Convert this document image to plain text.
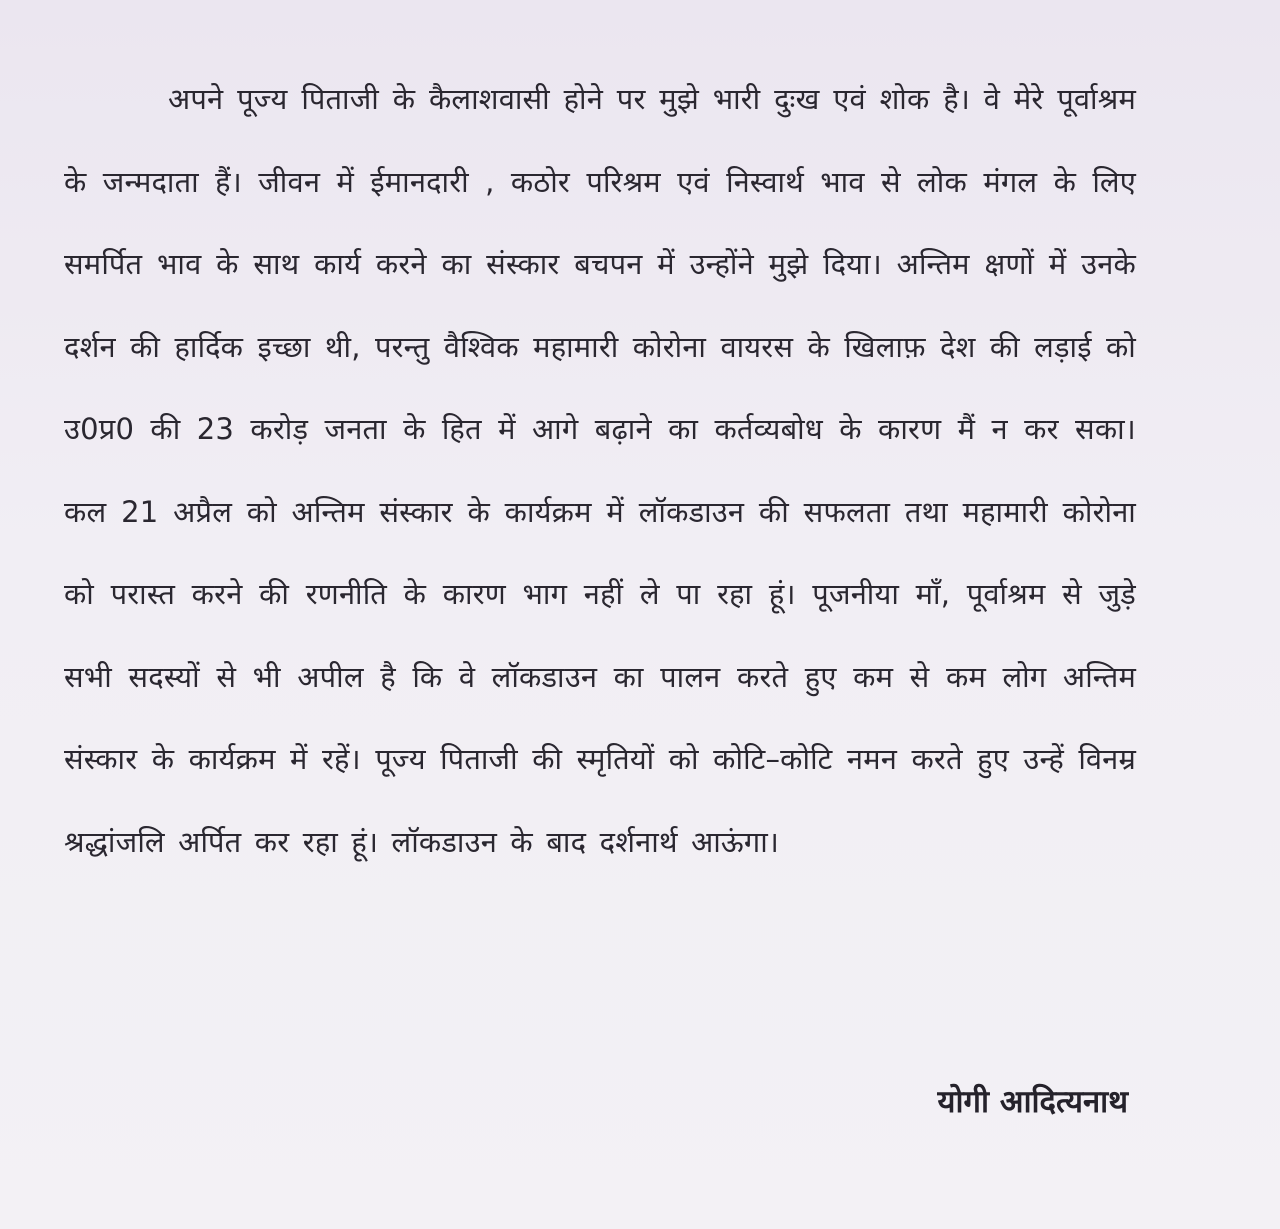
अपने पूज्य पिताजी के कैलाशवासी होने पर मुझे भारी दुःख एवं शोक है। वे मेरे पूर्वाश्रम के जन्मदाता हैं। जीवन में ईमानदारी , कठोर परिश्रम एवं निस्वार्थ भाव से लोक मंगल के लिए समर्पित भाव के साथ कार्य करने का संस्कार बचपन में उन्होंने मुझे दिया। अन्तिम क्षणों में उनके दर्शन की हार्दिक इच्छा थी, परन्तु वैश्विक महामारी कोरोना वायरस के खिलाफ़ देश की लड़ाई को उ0प्र0 की 23 करोड़ जनता के हित में आगे बढ़ाने का कर्तव्यबोध के कारण मैं न कर सका। कल 21 अप्रैल को अन्तिम संस्कार के कार्यक्रम में लॉकडाउन की सफलता तथा महामारी कोरोना को परास्त करने की रणनीति के कारण भाग नहीं ले पा रहा हूं। पूजनीया माँ, पूर्वाश्रम से जुड़े सभी सदस्यों से भी अपील है कि वे लॉकडाउन का पालन करते हुए कम से कम लोग अन्तिम संस्कार के कार्यक्रम में रहें। पूज्य पिताजी की स्मृतियों को कोटि–कोटि नमन करते हुए उन्हें विनम्र श्रद्धांजलि अर्पित कर रहा हूं। लॉकडाउन के बाद दर्शनार्थ आऊंगा।

योगी आदित्यनाथ
